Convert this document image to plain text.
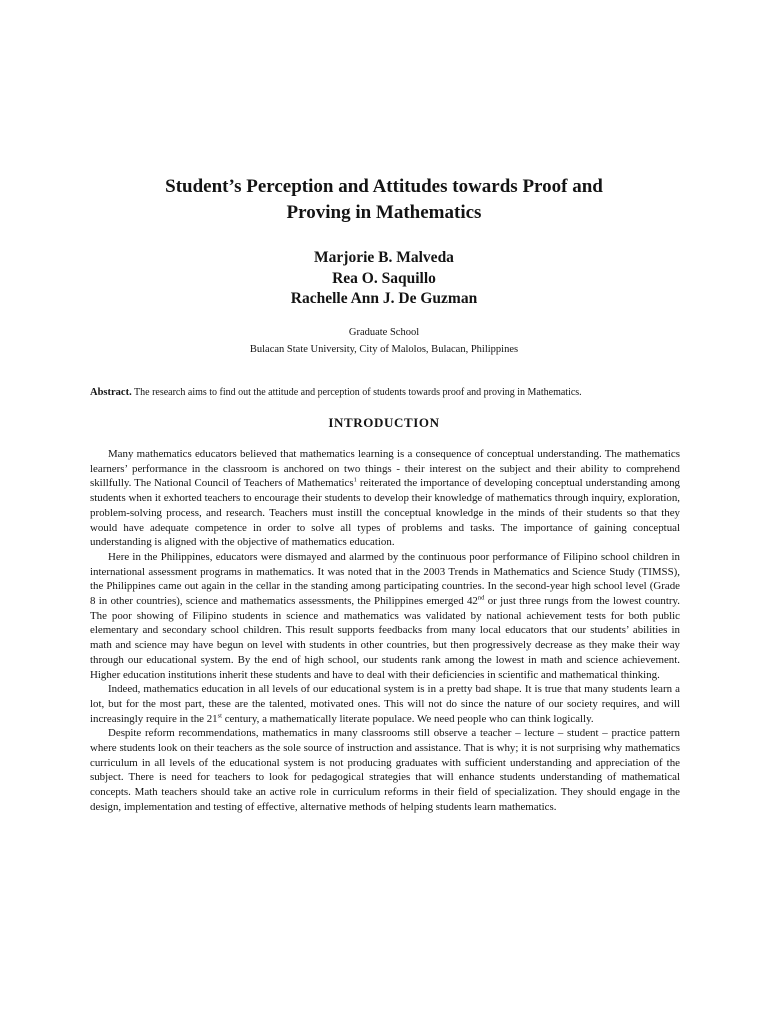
Student’s Perception and Attitudes towards Proof and
Proving in Mathematics
Marjorie B. Malveda
Rea O. Saquillo
Rachelle Ann J. De Guzman
Graduate School
Bulacan State University, City of Malolos, Bulacan, Philippines

Abstract. The research aims to find out the attitude and perception of students towards proof and proving in Mathematics.

INTRODUCTION

Many mathematics educators believed that mathematics learning is a consequence of conceptual understanding. The mathematics learners’ performance in the classroom is anchored on two things - their interest on the subject and their ability to comprehend skillfully. The National Council of Teachers of Mathematics$^1$ reiterated the importance of developing conceptual understanding among students when it exhorted teachers to encourage their students to develop their knowledge of mathematics through inquiry, exploration, problem-solving process, and research. Teachers must instill the conceptual knowledge in the minds of their students so that they would have adequate competence in order to solve all types of problems and tasks. The importance of gaining conceptual understanding is aligned with the objective of mathematics education.

Here in the Philippines, educators were dismayed and alarmed by the continuous poor performance of Filipino school children in international assessment programs in mathematics. It was noted that in the 2003 Trends in Mathematics and Science Study (TIMSS), the Philippines came out again in the cellar in the standing among participating countries. In the second-year high school level (Grade 8 in other countries), science and mathematics assessments, the Philippines emerged 42nd or just three rungs from the lowest country. The poor showing of Filipino students in science and mathematics was validated by national achievement tests for both public elementary and secondary school children. This result supports feedbacks from many local educators that our students’ abilities in math and science may have begun on level with students in other countries, but then progressively decrease as they make their way through our educational system. By the end of high school, our students rank among the lowest in math and science achievement. Higher education institutions inherit these students and have to deal with their deficiencies in scientific and mathematical thinking.

Indeed, mathematics education in all levels of our educational system is in a pretty bad shape. It is true that many students learn a lot, but for the most part, these are the talented, motivated ones. This will not do since the nature of our society requires, and will increasingly require in the 21st century, a mathematically literate populace. We need people who can think logically.

Despite reform recommendations, mathematics in many classrooms still observe a teacher – lecture – student – practice pattern where students look on their teachers as the sole source of instruction and assistance. That is why; it is not surprising why mathematics curriculum in all levels of the educational system is not producing graduates with sufficient understanding and appreciation of the subject. There is need for teachers to look for pedagogical strategies that will enhance students understanding of mathematical concepts. Math teachers should take an active role in curriculum reforms in their field of specialization. They should engage in the design, implementation and testing of effective, alternative methods of helping students learn mathematics.
